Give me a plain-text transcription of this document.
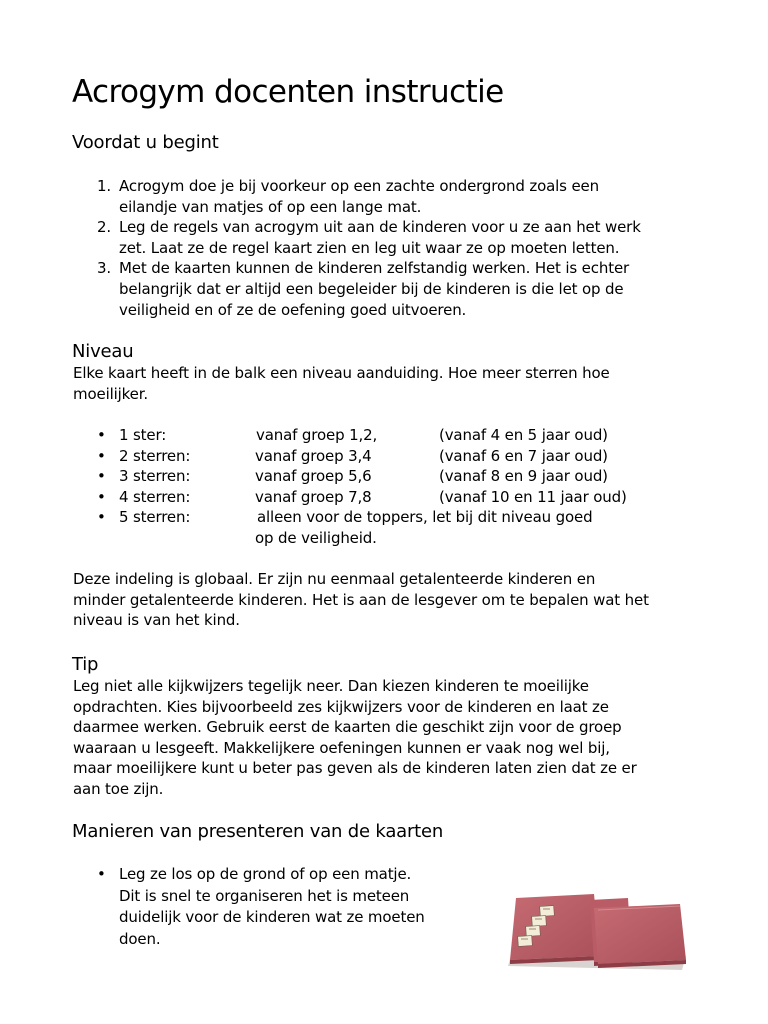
Acrogym docenten instructie
Voordat u begint
1. Acrogym doe je bij voorkeur op een zachte ondergrond zoals een
eilandje van matjes of op een lange mat.
2. Leg de regels van acrogym uit aan de kinderen voor u ze aan het werk
zet. Laat ze de regel kaart zien en leg uit waar ze op moeten letten.
3. Met de kaarten kunnen de kinderen zelfstandig werken. Het is echter
belangrijk dat er altijd een begeleider bij de kinderen is die let op de
veiligheid en of ze de oefening goed uitvoeren.
Niveau

Elke kaart heeft in de balk een niveau aanduiding. Hoe meer sterren hoe
moeilijker.

• 1 ster:	vanaf groep 1,2,	(vanaf 4 en 5 jaar oud)
• 2 sterren:	vanaf groep 3,4	(vanaf 6 en 7 jaar oud)
• 3 sterren:	vanaf groep 5,6	(vanaf 8 en 9 jaar oud)
• 4 sterren:	vanaf groep 7,8	(vanaf 10 en 11 jaar oud)
• 5 sterren:	alleen voor de toppers, let bij dit niveau goed
op de veiligheid.

Deze indeling is globaal. Er zijn nu eenmaal getalenteerde kinderen en
minder getalenteerde kinderen. Het is aan de lesgever om te bepalen wat het
niveau is van het kind.

Tip

Leg niet alle kijkwijzers tegelijk neer. Dan kiezen kinderen te moeilijke
opdrachten. Kies bijvoorbeeld zes kijkwijzers voor de kinderen en laat ze
daarmee werken. Gebruik eerst de kaarten die geschikt zijn voor de groep
waaraan u lesgeeft. Makkelijkere oefeningen kunnen er vaak nog wel bij,
maar moeilijkere kunt u beter pas geven als de kinderen laten zien dat ze er
aan toe zijn.

Manieren van presenteren van de kaarten
• Leg ze los op de grond of op een matje.
Dit is snel te organiseren het is meteen
duidelijk voor de kinderen wat ze moeten
doen.
